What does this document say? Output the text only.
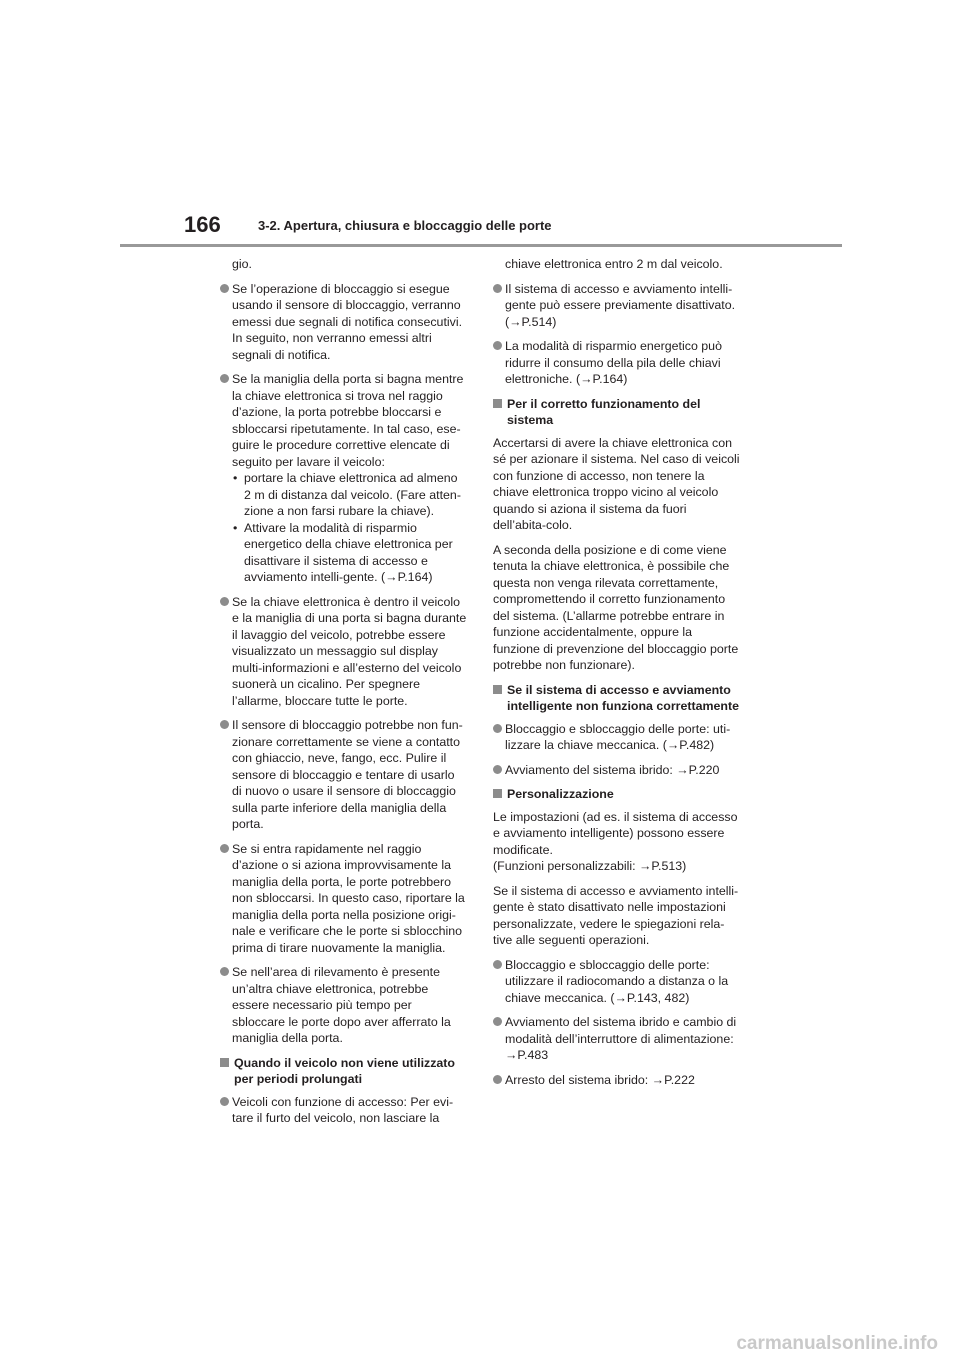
166	3-2. Apertura, chiusura e bloccaggio delle porte

gio.

Se l’operazione di bloccaggio si esegue usando il sensore di bloccaggio, verranno emessi due segnali di notifica consecutivi. In seguito, non verranno emessi altri segnali di notifica.
Se la maniglia della porta si bagna mentre la chiave elettronica si trova nel raggio d’azione, la porta potrebbe bloccarsi e sbloccarsi ripetutamente. In tal caso, ese-guire le procedure correttive elencate di seguito per lavare il veicolo:
• portare la chiave elettronica ad almeno 2 m di distanza dal veicolo. (Fare atten-zione a non farsi rubare la chiave).
• Attivare la modalità di risparmio energetico della chiave elettronica per disattivare il sistema di accesso e avviamento intelli-gente. (→P.164)
Se la chiave elettronica è dentro il veicolo e la maniglia di una porta si bagna durante il lavaggio del veicolo, potrebbe essere visualizzato un messaggio sul display multi-informazioni e all’esterno del veicolo suonerà un cicalino. Per spegnere l’allarme, bloccare tutte le porte.
Il sensore di bloccaggio potrebbe non fun-zionare correttamente se viene a contatto con ghiaccio, neve, fango, ecc. Pulire il sensore di bloccaggio e tentare di usarlo di nuovo o usare il sensore di bloccaggio sulla parte inferiore della maniglia della porta.
Se si entra rapidamente nel raggio d’azione o si aziona improvvisamente la maniglia della porta, le porte potrebbero non sbloccarsi. In questo caso, riportare la maniglia della porta nella posizione origi-nale e verificare che le porte si sblocchino prima di tirare nuovamente la maniglia.
Se nell’area di rilevamento è presente un’altra chiave elettronica, potrebbe essere necessario più tempo per sbloccare le porte dopo aver afferrato la maniglia della porta.
Quando il veicolo non viene utilizzato per periodi prolungati
Veicoli con funzione di accesso: Per evi-tare il furto del veicolo, non lasciare la

chiave elettronica entro 2 m dal veicolo.

Il sistema di accesso e avviamento intelli-gente può essere previamente disattivato. (→P.514)
La modalità di risparmio energetico può ridurre il consumo della pila delle chiavi elettroniche. (→P.164)
Per il corretto funzionamento del sistema

Accertarsi di avere la chiave elettronica con sé per azionare il sistema. Nel caso di veicoli con funzione di accesso, non tenere la chiave elettronica troppo vicino al veicolo quando si aziona il sistema da fuori dell’abita-colo.

A seconda della posizione e di come viene tenuta la chiave elettronica, è possibile che questa non venga rilevata correttamente, compromettendo il corretto funzionamento del sistema. (L’allarme potrebbe entrare in funzione accidentalmente, oppure la funzione di prevenzione del bloccaggio porte potrebbe non funzionare).

Se il sistema di accesso e avviamento intelligente non funziona correttamente
Bloccaggio e sbloccaggio delle porte: uti-lizzare la chiave meccanica. (→P.482)
Avviamento del sistema ibrido: →P.220
Personalizzazione

Le impostazioni (ad es. il sistema di accesso e avviamento intelligente) possono essere modificate.

(Funzioni personalizzabili: →P.513)

Se il sistema di accesso e avviamento intelli-gente è stato disattivato nelle impostazioni personalizzate, vedere le spiegazioni rela-tive alle seguenti operazioni.

Bloccaggio e sbloccaggio delle porte: utilizzare il radiocomando a distanza o la chiave meccanica. (→P.143, 482)
Avviamento del sistema ibrido e cambio di modalità dell’interruttore di alimentazione: →P.483
Arresto del sistema ibrido: →P.222
carmanualsonline.info
